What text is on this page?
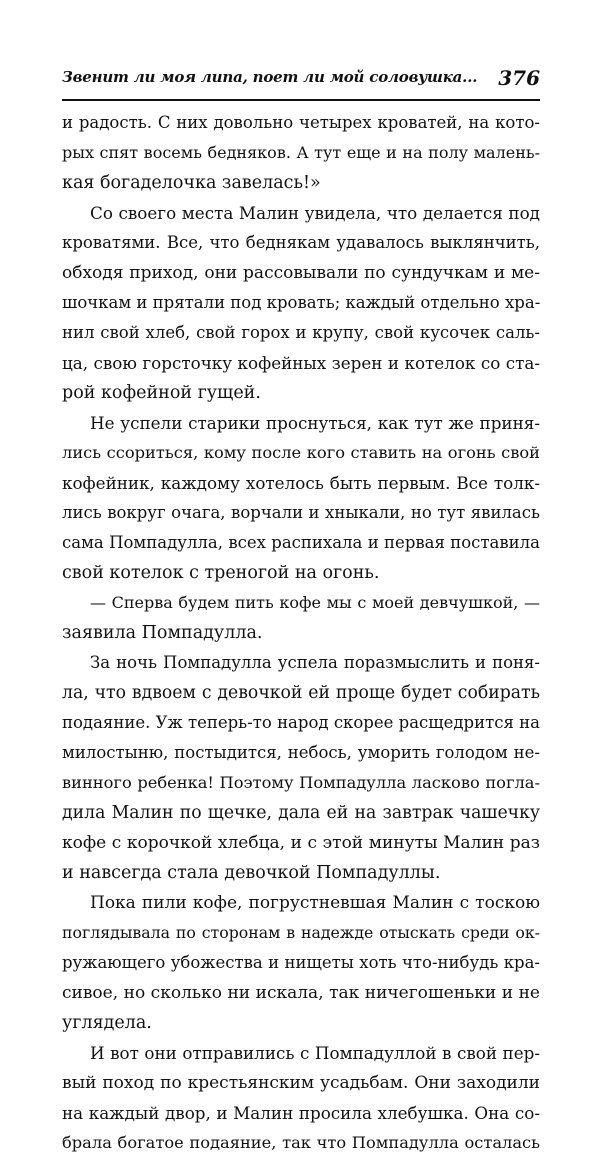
Звенит ли моя липа, поет ли мой соловушка... 376
и радость. С них довольно четырех кроватей, на кото-
рых спят восемь бедняков. А тут еще и на полу малень-
кая богаделочка завелась!»
Со своего места Малин увидела, что делается под
кроватями. Все, что беднякам удавалось выклянчить,
обходя приход, они рассовывали по сундучкам и ме-
шочкам и прятали под кровать; каждый отдельно хра-
нил свой хлеб, свой горох и крупу, свой кусочек саль-
ца, свою горсточку кофейных зерен и котелок со ста-
рой кофейной гущей.
Не успели старики проснуться, как тут же приня-
лись ссориться, кому после кого ставить на огонь свой
кофейник, каждому хотелось быть первым. Все толк-
лись вокруг очага, ворчали и хныкали, но тут явилась
сама Помпадулла, всех распихала и первая поставила
свой котелок с треногой на огонь.
— Сперва будем пить кофе мы с моей девчушкой, —
заявила Помпадулла.
За ночь Помпадулла успела поразмыслить и поня-
ла, что вдвоем с девочкой ей проще будет собирать
подаяние. Уж теперь-то народ скорее расщедрится на
милостыню, постыдится, небось, уморить голодом не-
винного ребенка! Поэтому Помпадулла ласково погла-
дила Малин по щечке, дала ей на завтрак чашечку
кофе с корочкой хлебца, и с этой минуты Малин раз
и навсегда стала девочкой Помпадуллы.
Пока пили кофе, погрустневшая Малин с тоскою
поглядывала по сторонам в надежде отыскать среди ок-
ружающего убожества и нищеты хоть что-нибудь кра-
сивое, но сколько ни искала, так ничегошеньки и не
углядела.
И вот они отправились с Помпадуллой в свой пер-
вый поход по крестьянским усадьбам. Они заходили
на каждый двор, и Малин просила хлебушка. Она со-
брала богатое подаяние, так что Помпадулла осталась
